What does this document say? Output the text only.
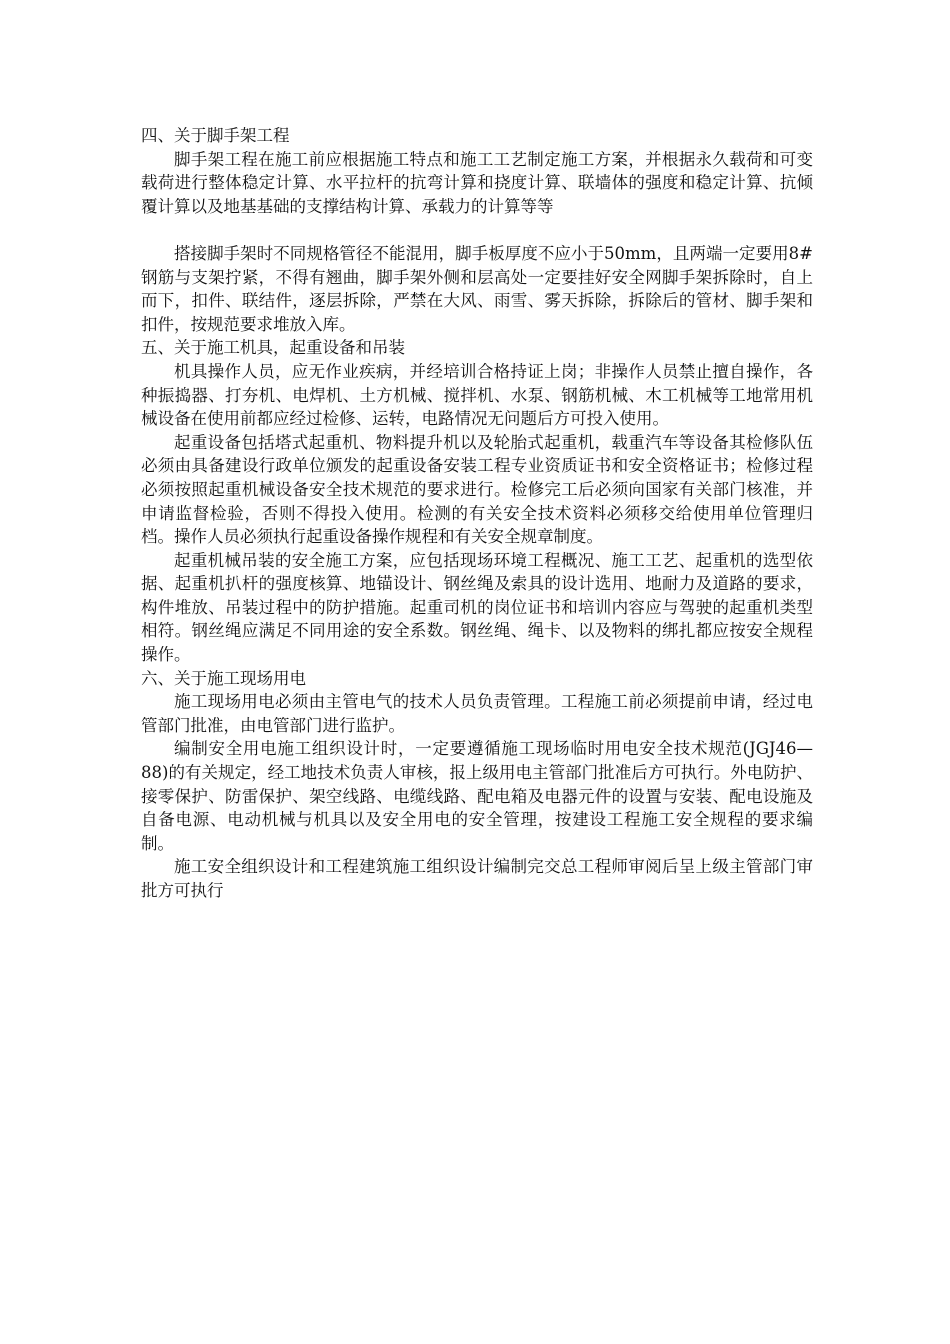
四、关于脚手架工程

脚手架工程在施工前应根据施工特点和施工工艺制定施工方案，并根据永久载荷和可变载荷进行整体稳定计算、水平拉杆的抗弯计算和挠度计算、联墙体的强度和稳定计算、抗倾覆计算以及地基基础的支撑结构计算、承载力的计算等等

搭接脚手架时不同规格管径不能混用，脚手板厚度不应小于50mm，且两端一定要用8#钢筋与支架拧紧，不得有翘曲，脚手架外侧和层高处一定要挂好安全网脚手架拆除时，自上而下，扣件、联结件，逐层拆除，严禁在大风、雨雪、雾天拆除，拆除后的管材、脚手架和扣件，按规范要求堆放入库。

五、关于施工机具，起重设备和吊装

机具操作人员，应无作业疾病，并经培训合格持证上岗；非操作人员禁止擅自操作，各种振捣器、打夯机、电焊机、土方机械、搅拌机、水泵、钢筋机械、木工机械等工地常用机械设备在使用前都应经过检修、运转，电路情况无问题后方可投入使用。

起重设备包括塔式起重机、物料提升机以及轮胎式起重机，载重汽车等设备其检修队伍必须由具备建设行政单位颁发的起重设备安装工程专业资质证书和安全资格证书；检修过程必须按照起重机械设备安全技术规范的要求进行。检修完工后必须向国家有关部门核准，并申请监督检验，否则不得投入使用。检测的有关安全技术资料必须移交给使用单位管理归档。操作人员必须执行起重设备操作规程和有关安全规章制度。

起重机械吊装的安全施工方案，应包括现场环境工程概况、施工工艺、起重机的选型依据、起重机扒杆的强度核算、地锚设计、钢丝绳及索具的设计选用、地耐力及道路的要求，构件堆放、吊装过程中的防护措施。起重司机的岗位证书和培训内容应与驾驶的起重机类型相符。钢丝绳应满足不同用途的安全系数。钢丝绳、绳卡、以及物料的绑扎都应按安全规程操作。

六、关于施工现场用电

施工现场用电必须由主管电气的技术人员负责管理。工程施工前必须提前申请，经过电管部门批准，由电管部门进行监护。

编制安全用电施工组织设计时，一定要遵循施工现场临时用电安全技术规范(JGJ46—88)的有关规定，经工地技术负责人审核，报上级用电主管部门批准后方可执行。外电防护、接零保护、防雷保护、架空线路、电缆线路、配电箱及电器元件的设置与安装、配电设施及自备电源、电动机械与机具以及安全用电的安全管理，按建设工程施工安全规程的要求编制。

施工安全组织设计和工程建筑施工组织设计编制完交总工程师审阅后呈上级主管部门审批方可执行
